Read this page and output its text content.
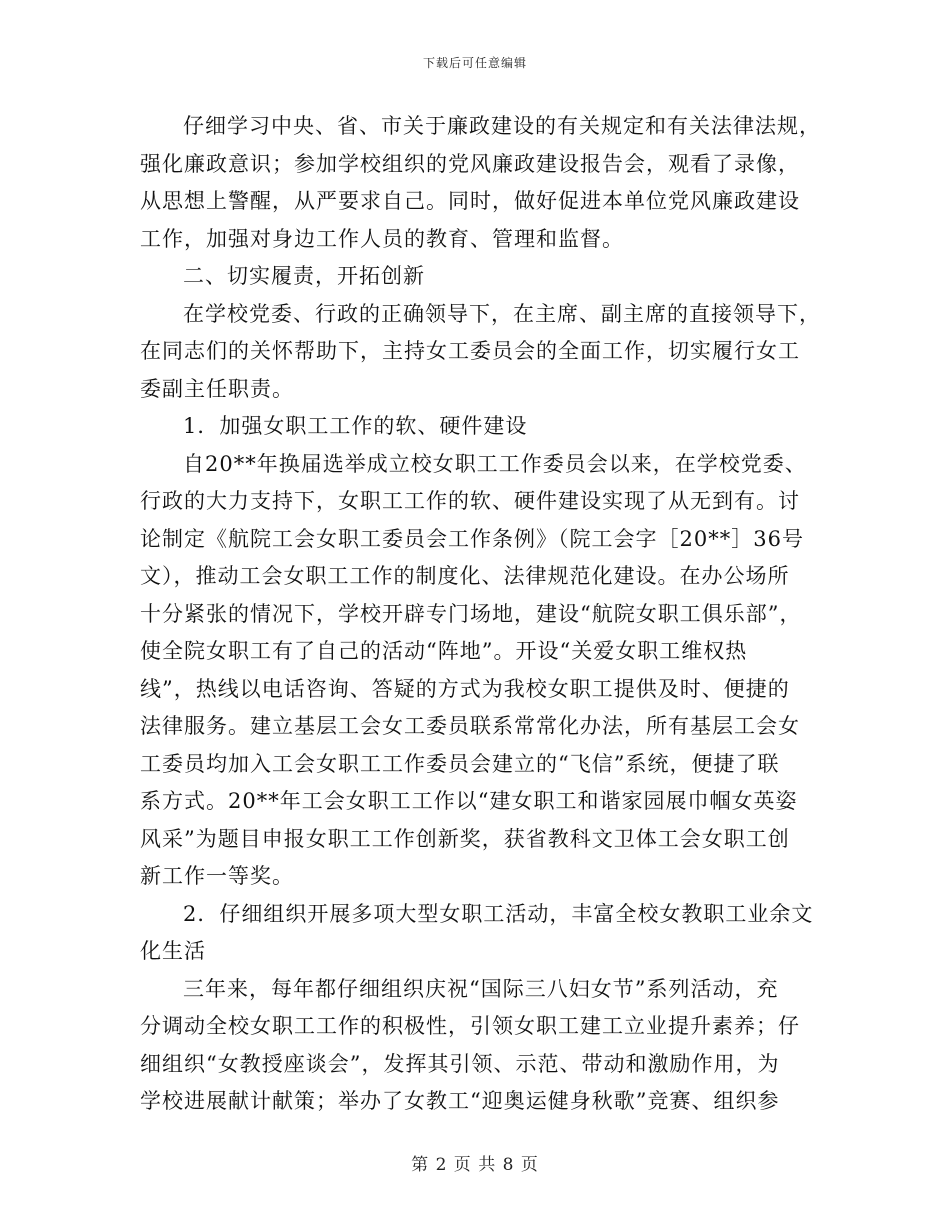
下载后可任意编辑
仔细学习中央、省、市关于廉政建设的有关规定和有关法律法规，
强化廉政意识；参加学校组织的党风廉政建设报告会，观看了录像，
从思想上警醒，从严要求自己。同时，做好促进本单位党风廉政建设
工作，加强对身边工作人员的教育、管理和监督。
二、切实履责，开拓创新
在学校党委、行政的正确领导下，在主席、副主席的直接领导下，
在同志们的关怀帮助下，主持女工委员会的全面工作，切实履行女工
委副主任职责。
1．加强女职工工作的软、硬件建设
自20**年换届选举成立校女职工工作委员会以来，在学校党委、
行政的大力支持下，女职工工作的软、硬件建设实现了从无到有。讨
论制定《航院工会女职工委员会工作条例》（院工会字［20**］36号
文），推动工会女职工工作的制度化、法律规范化建设。在办公场所
十分紧张的情况下，学校开辟专门场地，建设“航院女职工俱乐部”，
使全院女职工有了自己的活动“阵地”。开设“关爱女职工维权热
线”，热线以电话咨询、答疑的方式为我校女职工提供及时、便捷的
法律服务。建立基层工会女工委员联系常常化办法，所有基层工会女
工委员均加入工会女职工工作委员会建立的“飞信”系统，便捷了联
系方式。20**年工会女职工工作以“建女职工和谐家园展巾帼女英姿
风采”为题目申报女职工工作创新奖，获省教科文卫体工会女职工创
新工作一等奖。
2．仔细组织开展多项大型女职工活动，丰富全校女教职工业余文
化生活
三年来，每年都仔细组织庆祝“国际三八妇女节”系列活动，充
分调动全校女职工工作的积极性，引领女职工建工立业提升素养；仔
细组织“女教授座谈会”，发挥其引领、示范、带动和激励作用，为
学校进展献计献策；举办了女教工“迎奥运健身秋歌”竞赛、组织参
第 2 页 共 8 页
